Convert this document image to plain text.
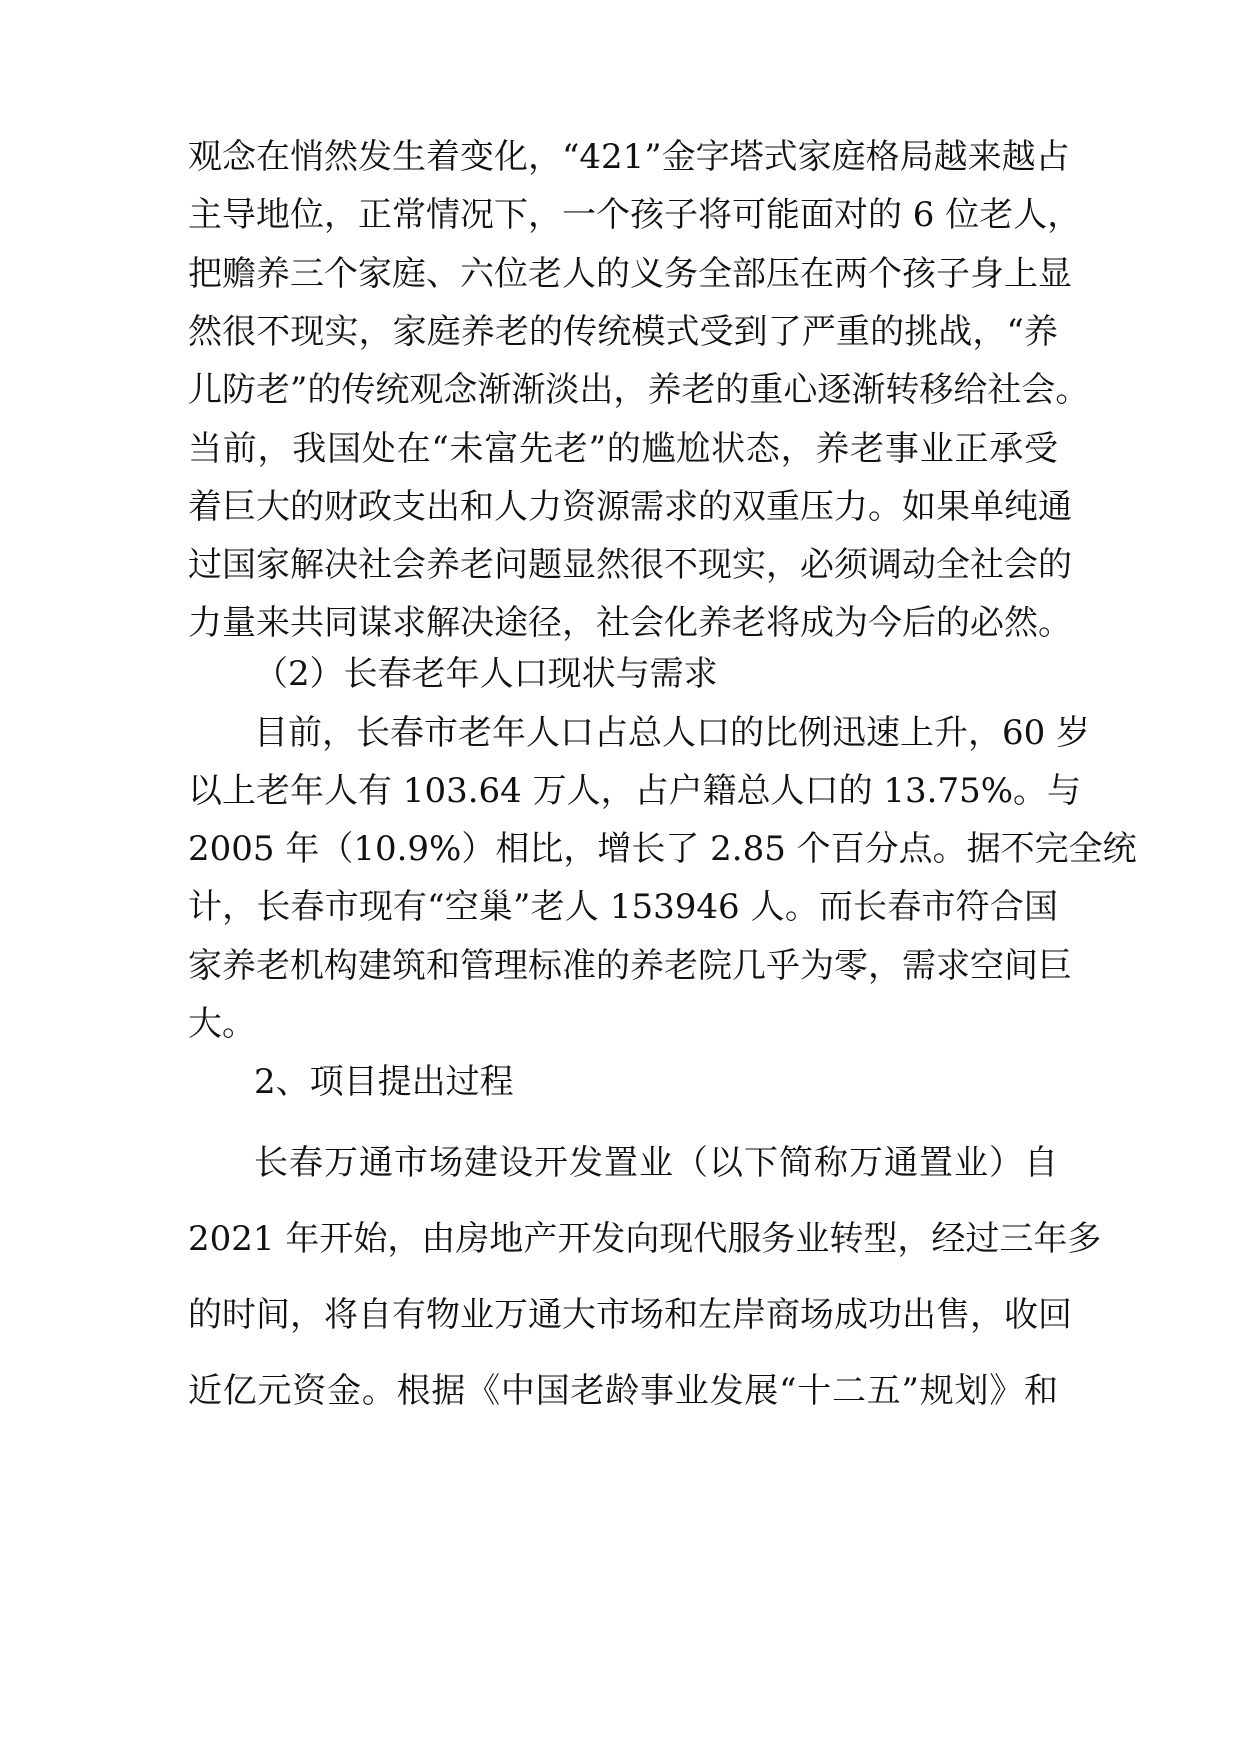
观念在悄然发生着变化，“421”金字塔式家庭格局越来越占
主导地位，正常情况下，一个孩子将可能面对的 6 位老人，
把赡养三个家庭、六位老人的义务全部压在两个孩子身上显
然很不现实，家庭养老的传统模式受到了严重的挑战，“养
儿防老”的传统观念渐渐淡出，养老的重心逐渐转移给社会。
当前，我国处在“未富先老”的尴尬状态，养老事业正承受
着巨大的财政支出和人力资源需求的双重压力。如果单纯通
过国家解决社会养老问题显然很不现实，必须调动全社会的
力量来共同谋求解决途径，社会化养老将成为今后的必然。
（2）长春老年人口现状与需求
目前，长春市老年人口占总人口的比例迅速上升，60 岁
以上老年人有 103.64 万人，占户籍总人口的 13.75%。与
2005 年（10.9%）相比，增长了 2.85 个百分点。据不完全统
计，长春市现有“空巢”老人 153946 人。而长春市符合国
家养老机构建筑和管理标准的养老院几乎为零，需求空间巨
大。
2、项目提出过程
长春万通市场建设开发置业（以下简称万通置业）自
2021 年开始，由房地产开发向现代服务业转型，经过三年多
的时间，将自有物业万通大市场和左岸商场成功出售，收回
近亿元资金。根据《中国老龄事业发展“十二五”规划》和
